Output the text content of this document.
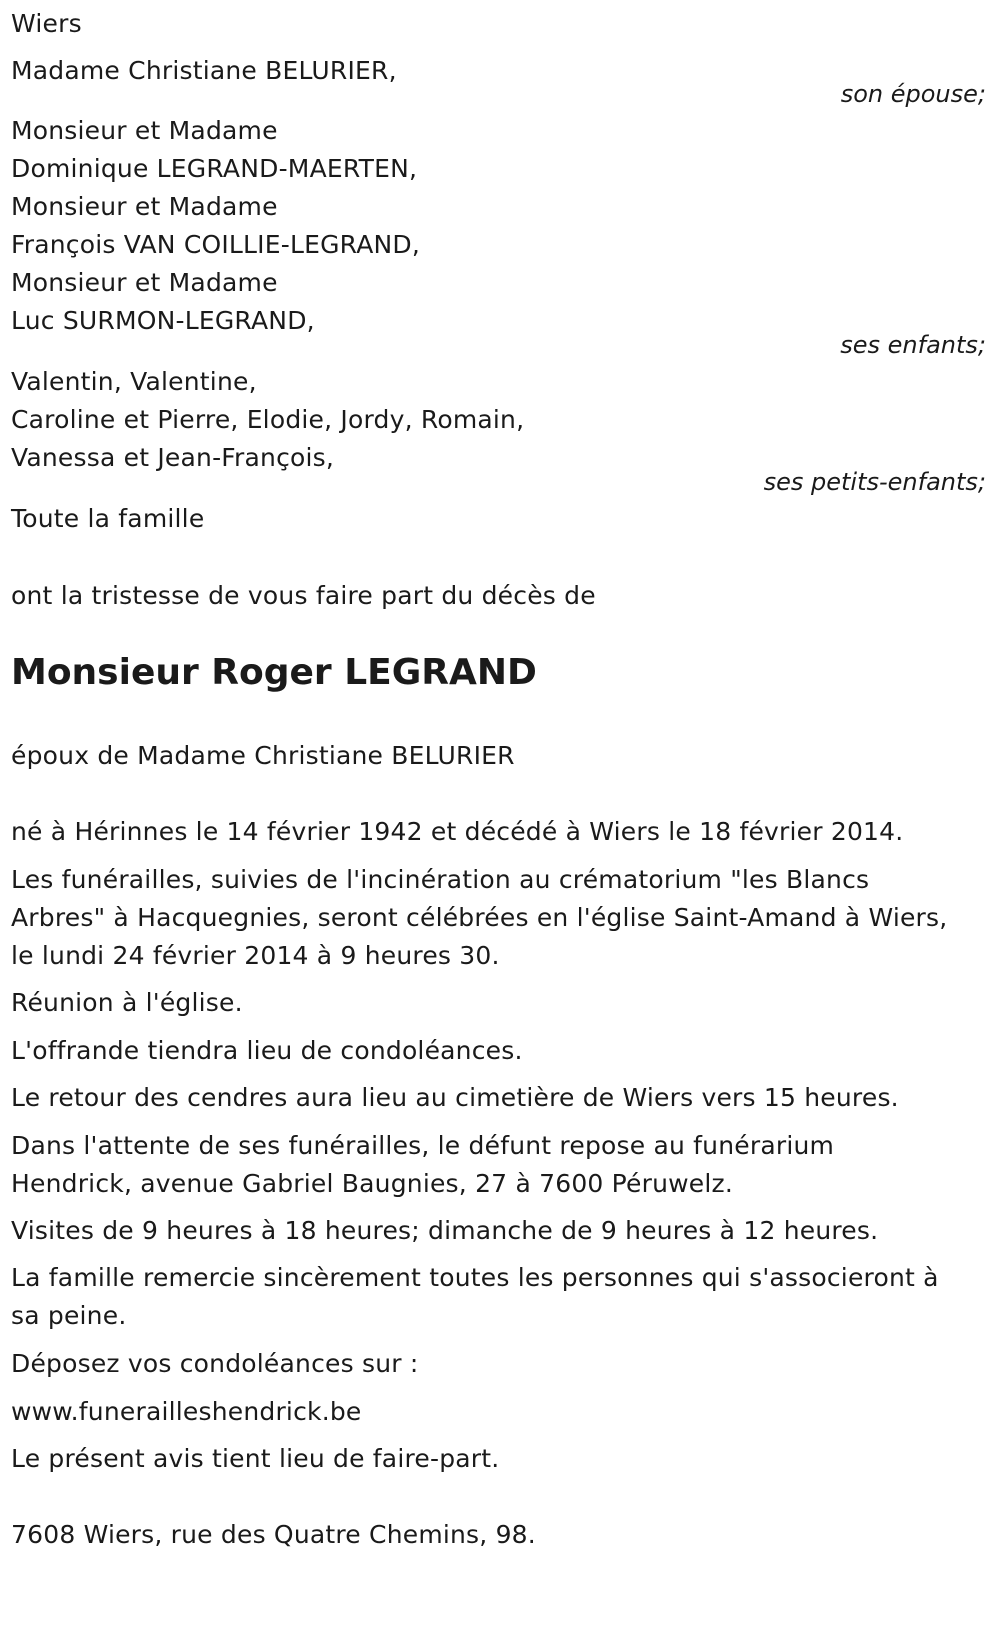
Wiers
Madame Christiane BELURIER,
son épouse;
Monsieur et Madame
Dominique LEGRAND-MAERTEN,
Monsieur et Madame
François VAN COILLIE-LEGRAND,
Monsieur et Madame
Luc SURMON-LEGRAND,
ses enfants;
Valentin, Valentine,
Caroline et Pierre, Elodie, Jordy, Romain,
Vanessa et Jean-François,
ses petits-enfants;
Toute la famille
ont la tristesse de vous faire part du décès de
Monsieur Roger LEGRAND
époux de Madame Christiane BELURIER
né à Hérinnes le 14 février 1942 et décédé à Wiers le 18 février 2014.
Les funérailles, suivies de l'incinération au crématorium "les Blancs
Arbres" à Hacquegnies, seront célébrées en l'église Saint-Amand à Wiers,
le lundi 24 février 2014 à 9 heures 30.
Réunion à l'église.
L'offrande tiendra lieu de condoléances.
Le retour des cendres aura lieu au cimetière de Wiers vers 15 heures.
Dans l'attente de ses funérailles, le défunt repose au funérarium
Hendrick, avenue Gabriel Baugnies, 27 à 7600 Péruwelz.
Visites de 9 heures à 18 heures; dimanche de 9 heures à 12 heures.
La famille remercie sincèrement toutes les personnes qui s'associeront à
sa peine.
Déposez vos condoléances sur :
www.funerailleshendrick.be
Le présent avis tient lieu de faire-part.
7608 Wiers, rue des Quatre Chemins, 98.
